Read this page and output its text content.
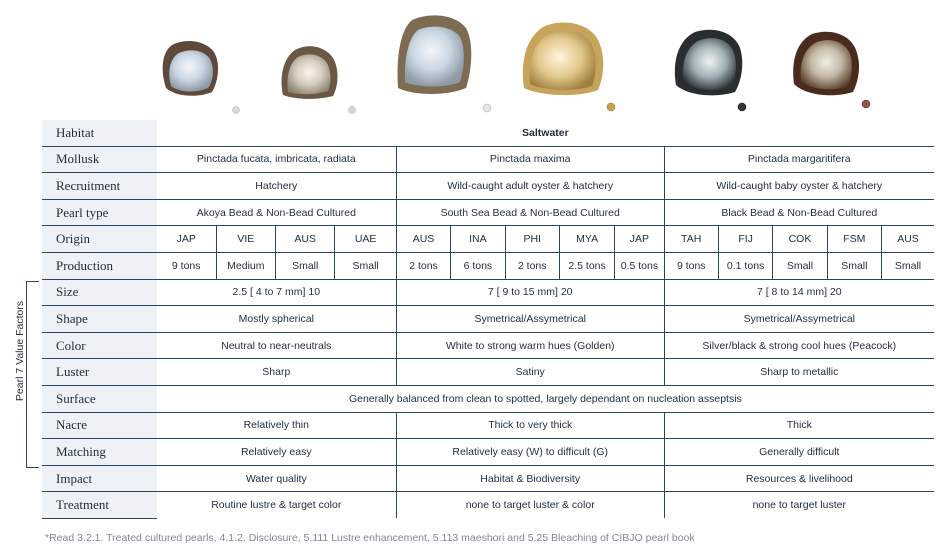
Habitat	Saltwater													
Mollusk	Pinctada fucata, imbricata, radiata				Pinctada maxima					Pinctada margaritifera				
Recruitment	Hatchery				Wild-caught adult oyster & hatchery					Wild-caught baby oyster & hatchery				
Pearl type	Akoya Bead & Non-Bead Cultured				South Sea Bead & Non-Bead Cultured					Black Bead & Non-Bead Cultured				
Origin	JAP	VIE	AUS	UAE	AUS	INA	PHI	MYA	JAP	TAH	FIJ	COK	FSM	AUS
Production	9 tons	Medium	Small	Small	2 tons	6 tons	2 tons	2.5 tons	0.5 tons	9 tons	0.1 tons	Small	Small	Small
Size	2.5 [ 4 to 7 mm] 10				7 [ 9 to 15 mm] 20					7 [ 8 to 14 mm] 20				
Shape	Mostly spherical				Symetrical/Assymetrical					Symetrical/Assymetrical				
Color	Neutral to near-neutrals				White to strong warm hues (Golden)					Silver/black & strong cool hues (Peacock)				
Luster	Sharp				Satiny					Sharp to metallic				
Surface	Generally balanced from clean to spotted, largely dependant on nucleation asseptsis													
Nacre	Relatively thin				Thick to very thick					Thick				
Matching	Relatively easy				Relatively easy (W) to difficult (G)					Generally difficult				
Impact	Water quality				Habitat & Biodiversity					Resources & livelihood				
Treatment	Routine lustre & target color				none to target luster & color					none to target luster				
Pearl 7 Value Factors
*Read 3.2.1. Treated cultured pearls, 4.1.2. Disclosure, 5.111 Lustre enhancement, 5.113 maeshori and 5.25 Bleaching of CIBJO pearl book
